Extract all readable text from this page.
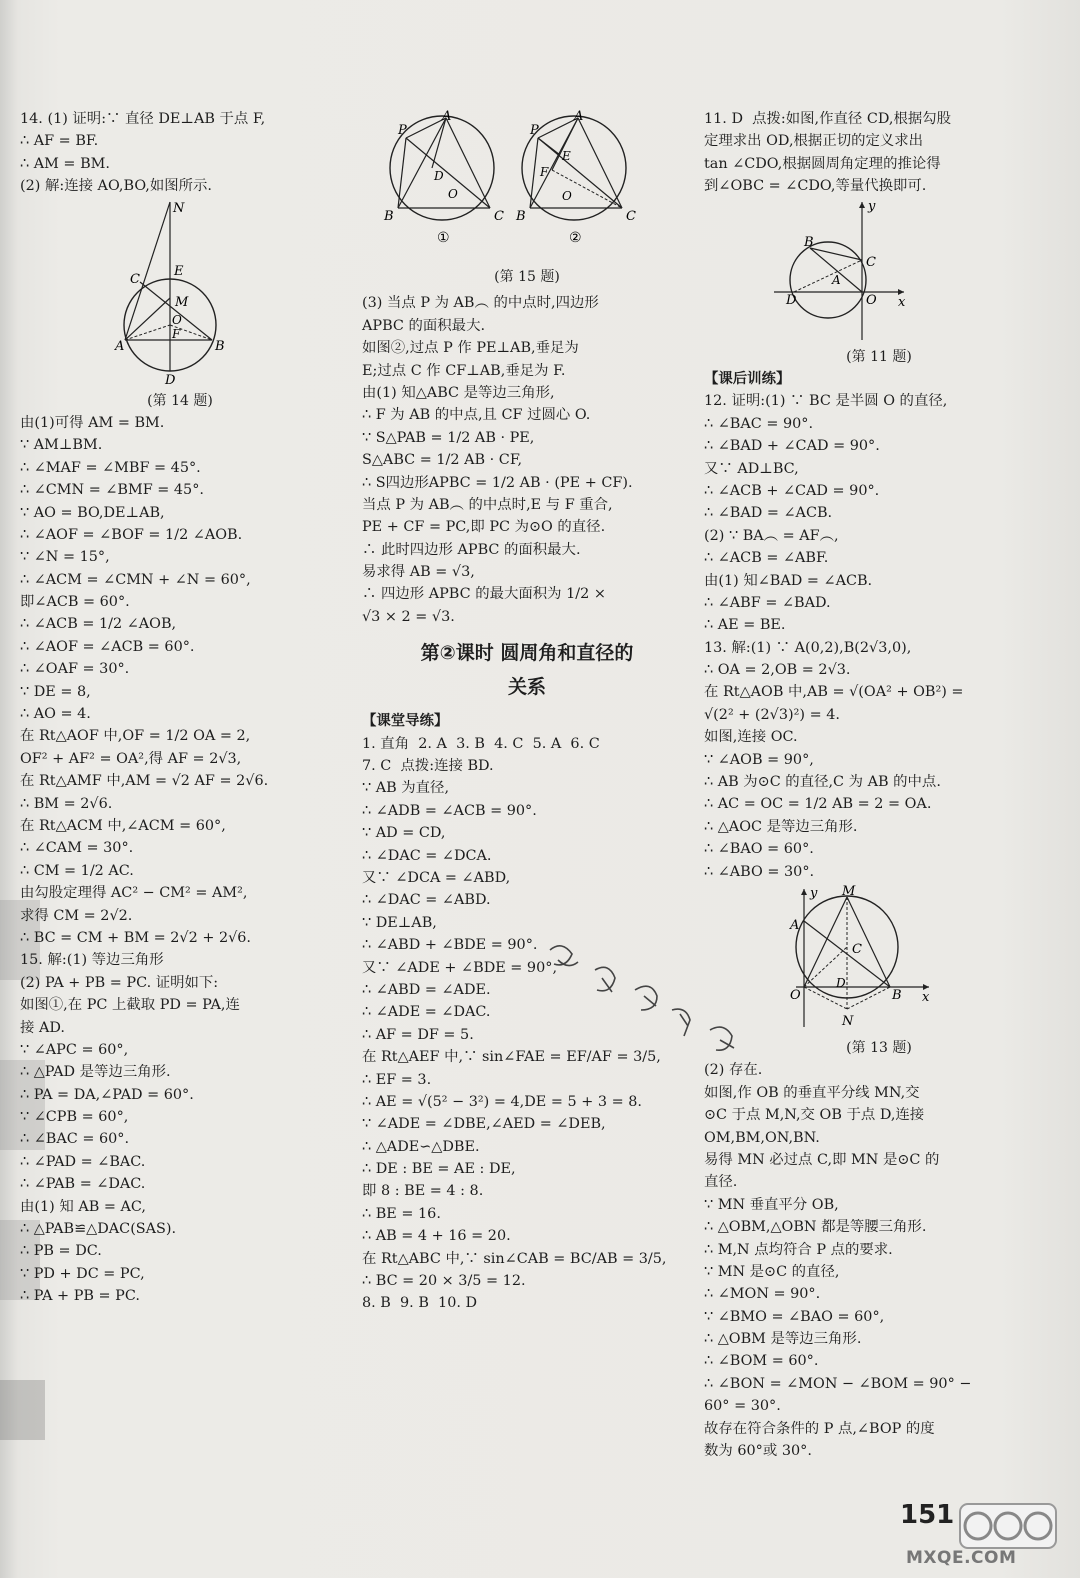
14. (1) 证明:∵ 直径 DE⊥AB 于点 F,
∴ AF = BF.
∴ AM = BM.
(2) 解:连接 AO,BO,如图所示.
N
E
C
M
O
F
A	B
D
(第 14 题)
由(1)可得 AM = BM.
∵ AM⊥BM.
∴ ∠MAF = ∠MBF = 45°.
∴ ∠CMN = ∠BMF = 45°.
∵ AO = BO,DE⊥AB,
∴ ∠AOF = ∠BOF = 1/2 ∠AOB.
∵ ∠N = 15°,
∴ ∠ACM = ∠CMN + ∠N = 60°,
即∠ACB = 60°.
∴ ∠ACB = 1/2 ∠AOB,
∴ ∠AOF = ∠ACB = 60°.
∴ ∠OAF = 30°.
∵ DE = 8,
∴ AO = 4.
在 Rt△AOF 中,OF = 1/2 OA = 2,
OF² + AF² = OA²,得 AF = 2√3,
在 Rt△AMF 中,AM = √2 AF = 2√6.
∴ BM = 2√6.
在 Rt△ACM 中,∠ACM = 60°,
∴ ∠CAM = 30°.
∴ CM = 1/2 AC.
由勾股定理得 AC² − CM² = AM²,
求得 CM = 2√2.
∴ BC = CM + BM = 2√2 + 2√6.
15. 解:(1) 等边三角形
(2) PA + PB = PC. 证明如下:
如图①,在 PC 上截取 PD = PA,连
接 AD.
∵ ∠APC = 60°,
∴ △PAD 是等边三角形.
∴ PA = DA,∠PAD = 60°.
∵ ∠CPB = 60°,
∴ ∠BAC = 60°.
∴ ∠PAD = ∠BAC.
∴ ∠PAB = ∠DAC.
由(1) 知 AB = AC,
∴ △PAB≌△DAC(SAS).
∴ PB = DC.
∵ PD + DC = PC,
∴ PA + PB = PC.
P
A
D
O
B	C
①
P
A
E
F
O
B	C
②
(第 15 题)
(3) 当点 P 为 AB︵ 的中点时,四边形
APBC 的面积最大.
如图②,过点 P 作 PE⊥AB,垂足为
E;过点 C 作 CF⊥AB,垂足为 F.
由(1) 知△ABC 是等边三角形,
∴ F 为 AB 的中点,且 CF 过圆心 O.
∵ S△PAB = 1/2 AB · PE,
S△ABC = 1/2 AB · CF,
∴ S四边形APBC = 1/2 AB · (PE + CF).
当点 P 为 AB︵ 的中点时,E 与 F 重合,
PE + CF = PC,即 PC 为⊙O 的直径.
∴ 此时四边形 APBC 的面积最大.
易求得 AB = √3,
∴ 四边形 APBC 的最大面积为 1/2 ×
√3 × 2 = √3.
第②课时 圆周角和直径的
关系
【课堂导练】
1. 直角  2. A  3. B  4. C  5. A  6. C
7. C  点拨:连接 BD.
∵ AB 为直径,
∴ ∠ADB = ∠ACB = 90°.
∵ AD = CD,
∴ ∠DAC = ∠DCA.
又∵ ∠DCA = ∠ABD,
∴ ∠DAC = ∠ABD.
∵ DE⊥AB,
∴ ∠ABD + ∠BDE = 90°.
又∵ ∠ADE + ∠BDE = 90°,
∴ ∠ABD = ∠ADE.
∴ ∠ADE = ∠DAC.
∴ AF = DF = 5.
在 Rt△AEF 中,∵ sin∠FAE = EF/AF = 3/5,
∴ EF = 3.
∴ AE = √(5² − 3²) = 4,DE = 5 + 3 = 8.
∵ ∠ADE = ∠DBE,∠AED = ∠DEB,
∴ △ADE∽△DBE.
∴ DE : BE = AE : DE,
即 8 : BE = 4 : 8.
∴ BE = 16.
∴ AB = 4 + 16 = 20.
在 Rt△ABC 中,∵ sin∠CAB = BC/AB = 3/5,
∴ BC = 20 × 3/5 = 12.
8. B  9. B  10. D
11. D  点拨:如图,作直径 CD,根据勾股
定理求出 OD,根据正切的定义求出
tan ∠CDO,根据圆周角定理的推论得
到∠OBC = ∠CDO,等量代换即可.
y
B
C
A
D	O x
(第 11 题)
【课后训练】
12. 证明:(1) ∵ BC 是半圆 O 的直径,
∴ ∠BAC = 90°.
∴ ∠BAD + ∠CAD = 90°.
又∵ AD⊥BC,
∴ ∠ACB + ∠CAD = 90°.
∴ ∠BAD = ∠ACB.
(2) ∵ BA︵ = AF︵,
∴ ∠ACB = ∠ABF.
由(1) 知∠BAD = ∠ACB.
∴ ∠ABF = ∠BAD.
∴ AE = BE.
13. 解:(1) ∵ A(0,2),B(2√3,0),
∴ OA = 2,OB = 2√3.
在 Rt△AOB 中,AB = √(OA² + OB²) =
√(2² + (2√3)²) = 4.
如图,连接 OC.
∵ ∠AOB = 90°,
∴ AB 为⊙C 的直径,C 为 AB 的中点.
∴ AC = OC = 1/2 AB = 2 = OA.
∴ △AOC 是等边三角形.
∴ ∠BAO = 60°.
∴ ∠ABO = 30°.
y M
A
C
O
D
B x
N
(第 13 题)
(2) 存在.
如图,作 OB 的垂直平分线 MN,交
⊙C 于点 M,N,交 OB 于点 D,连接
OM,BM,ON,BN.
易得 MN 必过点 C,即 MN 是⊙C 的
直径.
∵ MN 垂直平分 OB,
∴ △OBM,△OBN 都是等腰三角形.
∴ M,N 点均符合 P 点的要求.
∵ MN 是⊙C 的直径,
∴ ∠MON = 90°.
∵ ∠BMO = ∠BAO = 60°,
∴ △OBM 是等边三角形.
∴ ∠BOM = 60°.
∴ ∠BON = ∠MON − ∠BOM = 90° −
60° = 30°.
故存在符合条件的 P 点,∠BOP 的度
数为 60°或 30°.
151
MXQE.COM
